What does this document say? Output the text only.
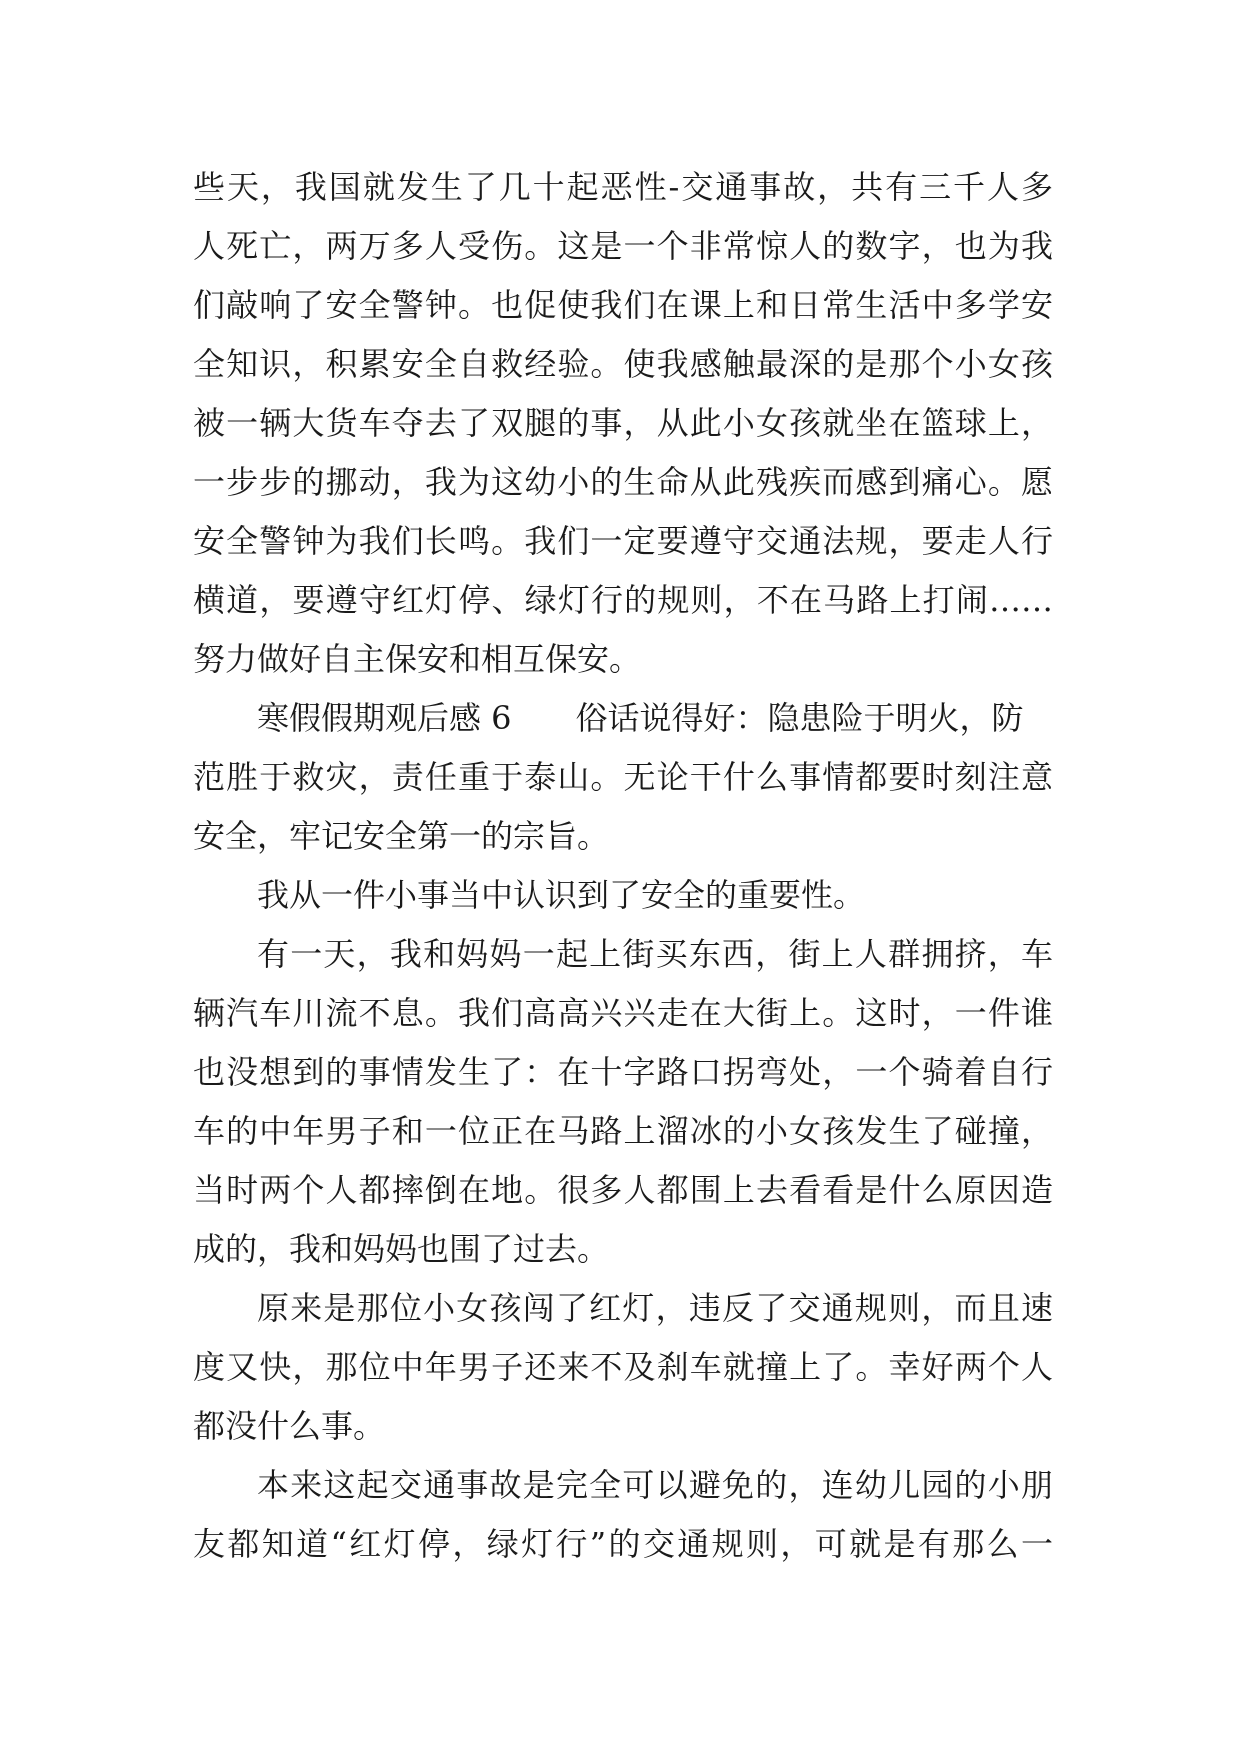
些天，我国就发生了几十起恶性-交通事故，共有三千人多
人死亡，两万多人受伤。这是一个非常惊人的数字，也为我
们敲响了安全警钟。也促使我们在课上和日常生活中多学安
全知识，积累安全自救经验。使我感触最深的是那个小女孩
被一辆大货车夺去了双腿的事，从此小女孩就坐在篮球上，
一步步的挪动，我为这幼小的生命从此残疾而感到痛心。愿
安全警钟为我们长鸣。我们一定要遵守交通法规，要走人行
横道，要遵守红灯停、绿灯行的规则，不在马路上打闹……
努力做好自主保安和相互保安。
寒假假期观后感 6 俗话说得好：隐患险于明火，防
范胜于救灾，责任重于泰山。无论干什么事情都要时刻注意
安全，牢记安全第一的宗旨。
我从一件小事当中认识到了安全的重要性。
有一天，我和妈妈一起上街买东西，街上人群拥挤，车
辆汽车川流不息。我们高高兴兴走在大街上。这时，一件谁
也没想到的事情发生了：在十字路口拐弯处，一个骑着自行
车的中年男子和一位正在马路上溜冰的小女孩发生了碰撞，
当时两个人都摔倒在地。很多人都围上去看看是什么原因造
成的，我和妈妈也围了过去。
原来是那位小女孩闯了红灯，违反了交通规则，而且速
度又快，那位中年男子还来不及刹车就撞上了。幸好两个人
都没什么事。
本来这起交通事故是完全可以避免的，连幼儿园的小朋
友都知道“红灯停，绿灯行”的交通规则，可就是有那么一
